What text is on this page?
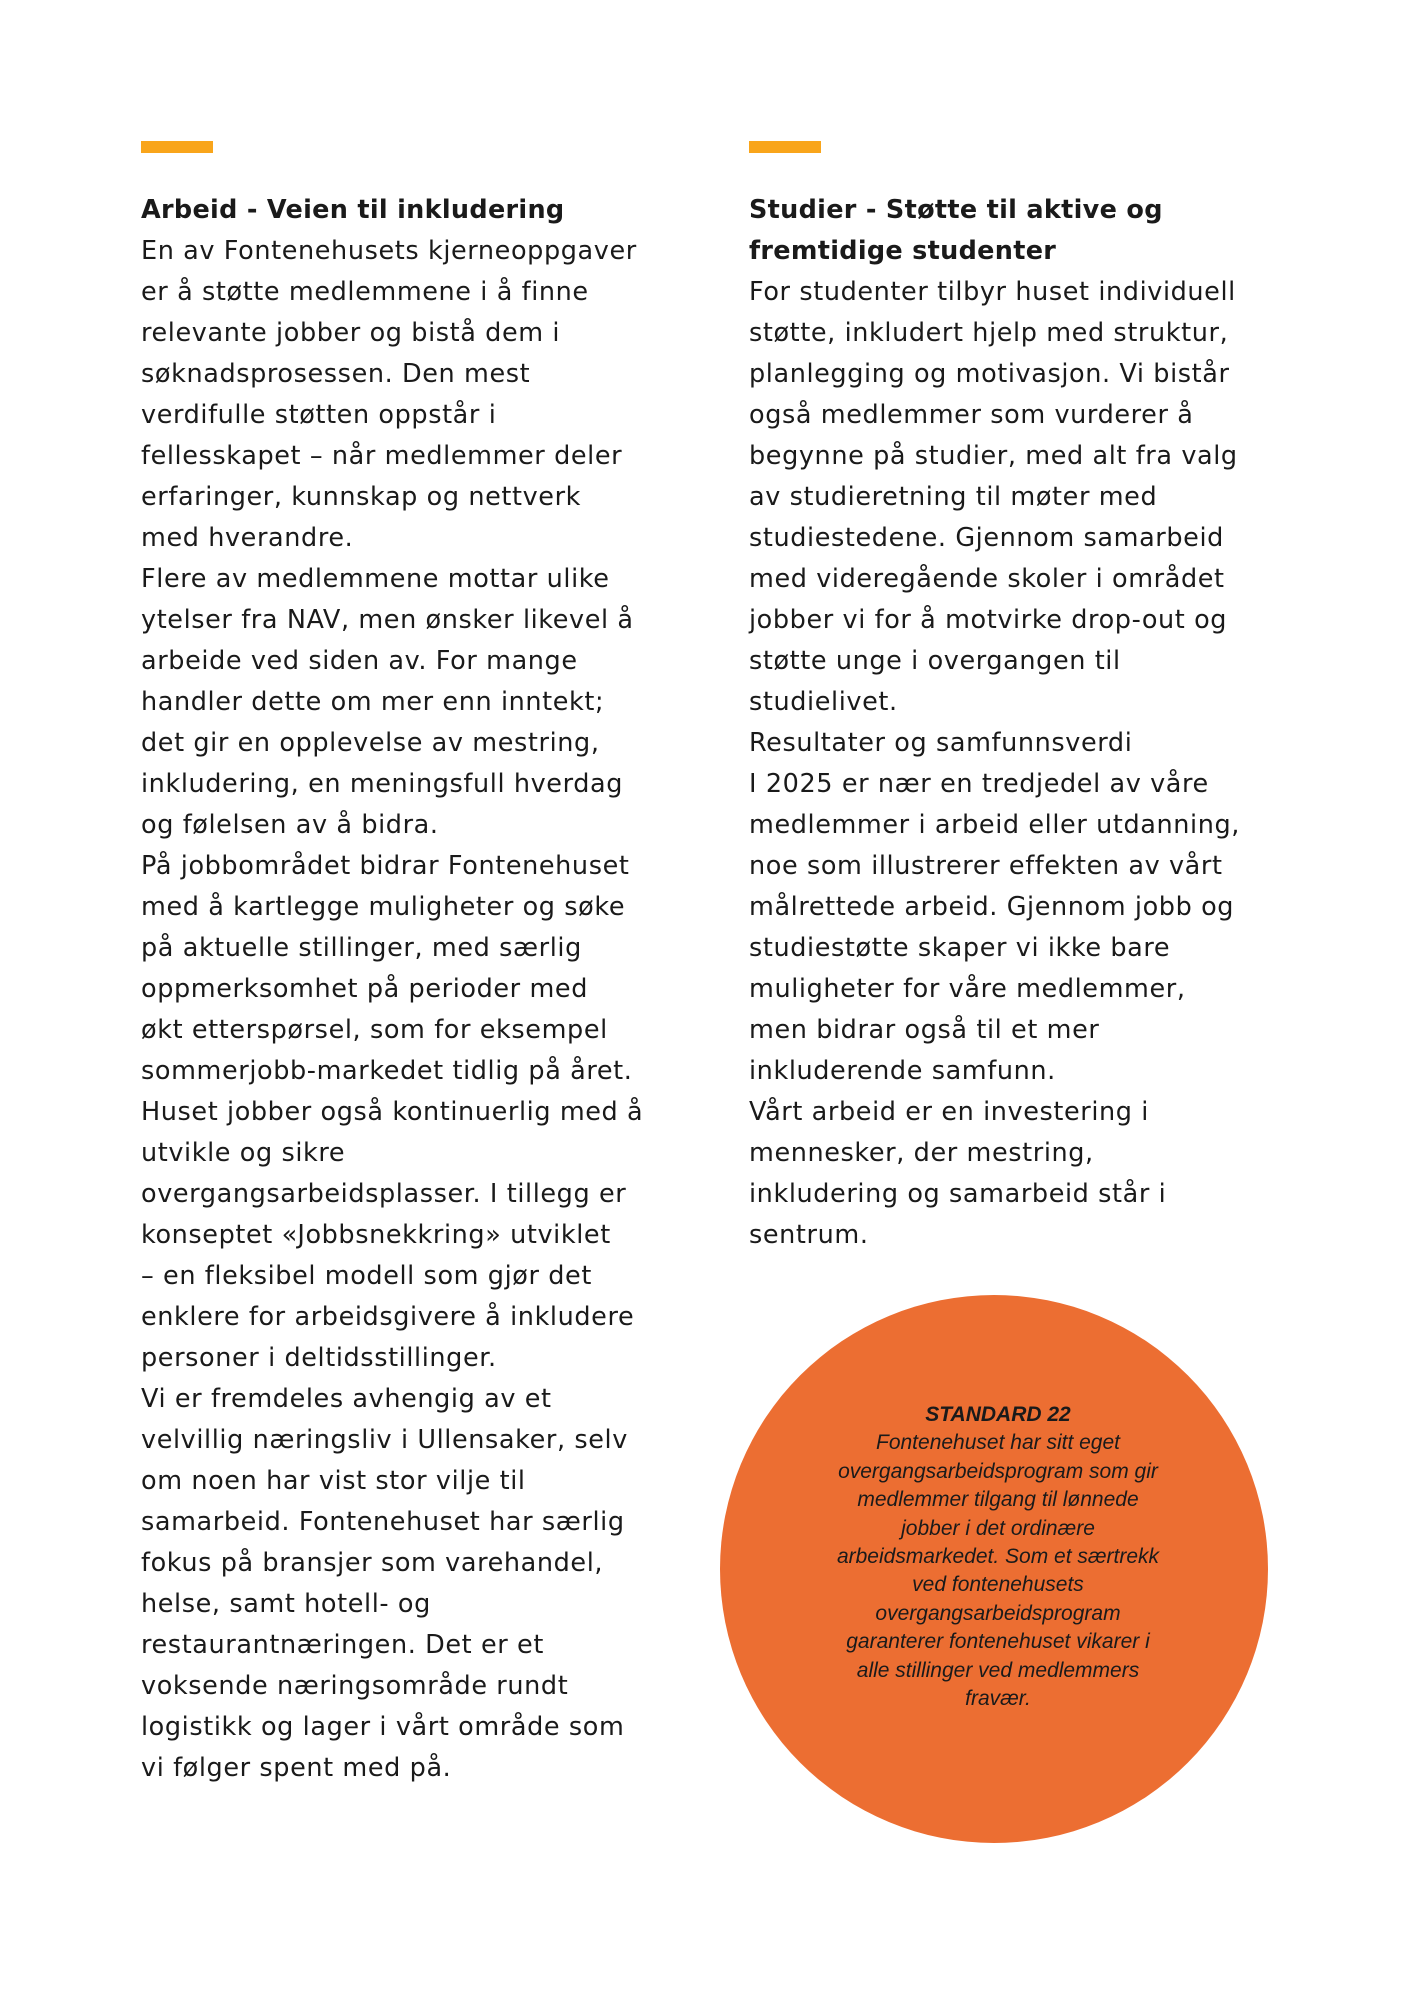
Arbeid - Veien til inkludering

En av Fontenehusets kjerneoppgaver
er å støtte medlemmene i å finne
relevante jobber og bistå dem i
søknadsprosessen. Den mest
verdifulle støtten oppstår i
fellesskapet – når medlemmer deler
erfaringer, kunnskap og nettverk
med hverandre.

Flere av medlemmene mottar ulike
ytelser fra NAV, men ønsker likevel å
arbeide ved siden av. For mange
handler dette om mer enn inntekt;
det gir en opplevelse av mestring,
inkludering, en meningsfull hverdag
og følelsen av å bidra.

På jobbområdet bidrar Fontenehuset
med å kartlegge muligheter og søke
på aktuelle stillinger, med særlig
oppmerksomhet på perioder med
økt etterspørsel, som for eksempel
sommerjobb-markedet tidlig på året.
Huset jobber også kontinuerlig med å
utvikle og sikre
overgangsarbeidsplasser. I tillegg er
konseptet «Jobbsnekkring» utviklet
– en fleksibel modell som gjør det
enklere for arbeidsgivere å inkludere
personer i deltidsstillinger.

Vi er fremdeles avhengig av et
velvillig næringsliv i Ullensaker, selv
om noen har vist stor vilje til
samarbeid. Fontenehuset har særlig
fokus på bransjer som varehandel,
helse, samt hotell- og
restaurantnæringen. Det er et
voksende næringsområde rundt
logistikk og lager i vårt område som
vi følger spent med på.

Studier - Støtte til aktive og
fremtidige studenter

For studenter tilbyr huset individuell
støtte, inkludert hjelp med struktur,
planlegging og motivasjon. Vi bistår
også medlemmer som vurderer å
begynne på studier, med alt fra valg
av studieretning til møter med
studiestedene. Gjennom samarbeid
med videregående skoler i området
jobber vi for å motvirke drop-out og
støtte unge i overgangen til
studielivet.

Resultater og samfunnsverdi

I 2025 er nær en tredjedel av våre
medlemmer i arbeid eller utdanning,
noe som illustrerer effekten av vårt
målrettede arbeid. Gjennom jobb og
studiestøtte skaper vi ikke bare
muligheter for våre medlemmer,
men bidrar også til et mer
inkluderende samfunn.

Vårt arbeid er en investering i
mennesker, der mestring,
inkludering og samarbeid står i
sentrum.

STANDARD 22
Fontenehuset har sitt eget
overgangsarbeidsprogram som gir
medlemmer tilgang til lønnede
jobber i det ordinære
arbeidsmarkedet. Som et særtrekk
ved fontenehusets
overgangsarbeidsprogram
garanterer fontenehuset vikarer i
alle stillinger ved medlemmers
fravær.
